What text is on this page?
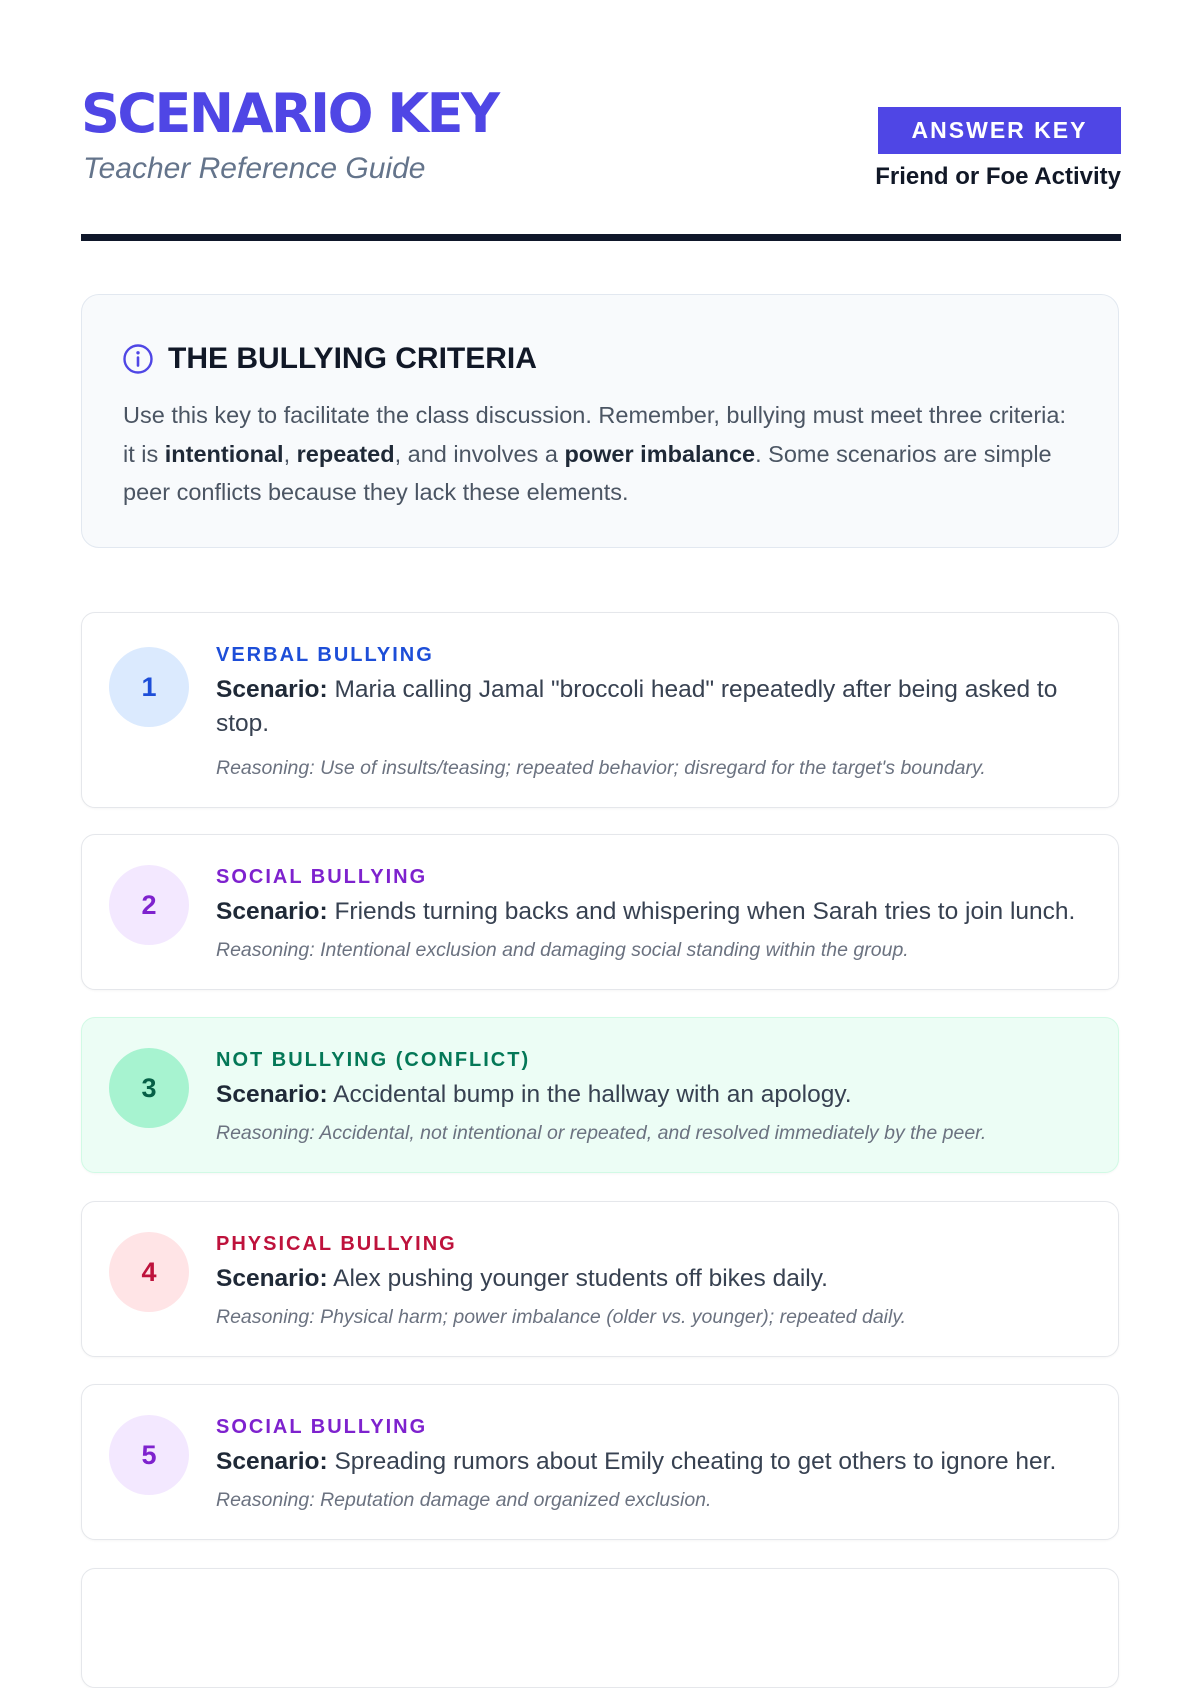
SCENARIO KEY
Teacher Reference Guide
ANSWER KEY
Friend or Foe Activity
THE BULLYING CRITERIA

Use this key to facilitate the class discussion. Remember, bullying must meet three criteria: it is intentional, repeated, and involves a power imbalance. Some scenarios are simple peer conflicts because they lack these elements.

1
VERBAL BULLYING
Scenario: Maria calling Jamal "broccoli head" repeatedly after being asked to stop.
Reasoning: Use of insults/teasing; repeated behavior; disregard for the target's boundary.
2
SOCIAL BULLYING
Scenario: Friends turning backs and whispering when Sarah tries to join lunch.
Reasoning: Intentional exclusion and damaging social standing within the group.
3
NOT BULLYING (CONFLICT)
Scenario: Accidental bump in the hallway with an apology.
Reasoning: Accidental, not intentional or repeated, and resolved immediately by the peer.
4
PHYSICAL BULLYING
Scenario: Alex pushing younger students off bikes daily.
Reasoning: Physical harm; power imbalance (older vs. younger); repeated daily.
5
SOCIAL BULLYING
Scenario: Spreading rumors about Emily cheating to get others to ignore her.
Reasoning: Reputation damage and organized exclusion.
